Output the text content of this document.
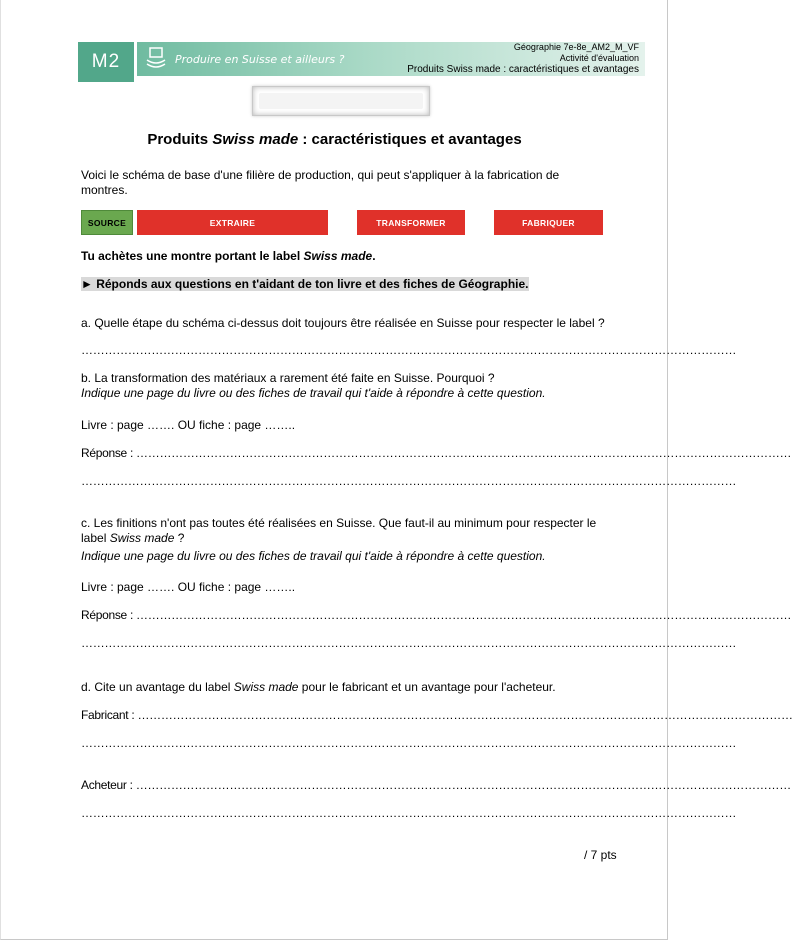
M2	Produire en Suisse et ailleurs ?
Géographie 7e-8e_AM2_M_VF
Activité d'évaluation
Produits Swiss made : caractéristiques et avantages
Produits Swiss made : caractéristiques et avantages
Voici le schéma de base d'une filière de production, qui peut s'appliquer à la fabrication de montres.
SOURCE	EXTRAIRE	TRANSFORMER	FABRIQUER
Tu achètes une montre portant le label Swiss made.
► Réponds aux questions en t'aidant de ton livre et des fiches de Géographie.
a. Quelle étape du schéma ci-dessus doit toujours être réalisée en Suisse pour respecter le label ?
……………………………………………………………………………………………………………………………………………………
b. La transformation des matériaux a rarement été faite en Suisse. Pourquoi ?
Indique une page du livre ou des fiches de travail qui t'aide à répondre à cette question.
Livre : page ……. OU fiche : page ……..
Réponse : ……………………………………………………………………………………………………………………………………………………
……………………………………………………………………………………………………………………………………………………
c. Les finitions n'ont pas toutes été réalisées en Suisse. Que faut-il au minimum pour respecter le label Swiss made ?
Indique une page du livre ou des fiches de travail qui t'aide à répondre à cette question.
Livre : page ……. OU fiche : page ……..
Réponse : ……………………………………………………………………………………………………………………………………………………
……………………………………………………………………………………………………………………………………………………
d. Cite un avantage du label Swiss made pour le fabricant et un avantage pour l'acheteur.
Fabricant : ……………………………………………………………………………………………………………………………………………………
……………………………………………………………………………………………………………………………………………………
Acheteur : ……………………………………………………………………………………………………………………………………………………
……………………………………………………………………………………………………………………………………………………
/ 7 pts
